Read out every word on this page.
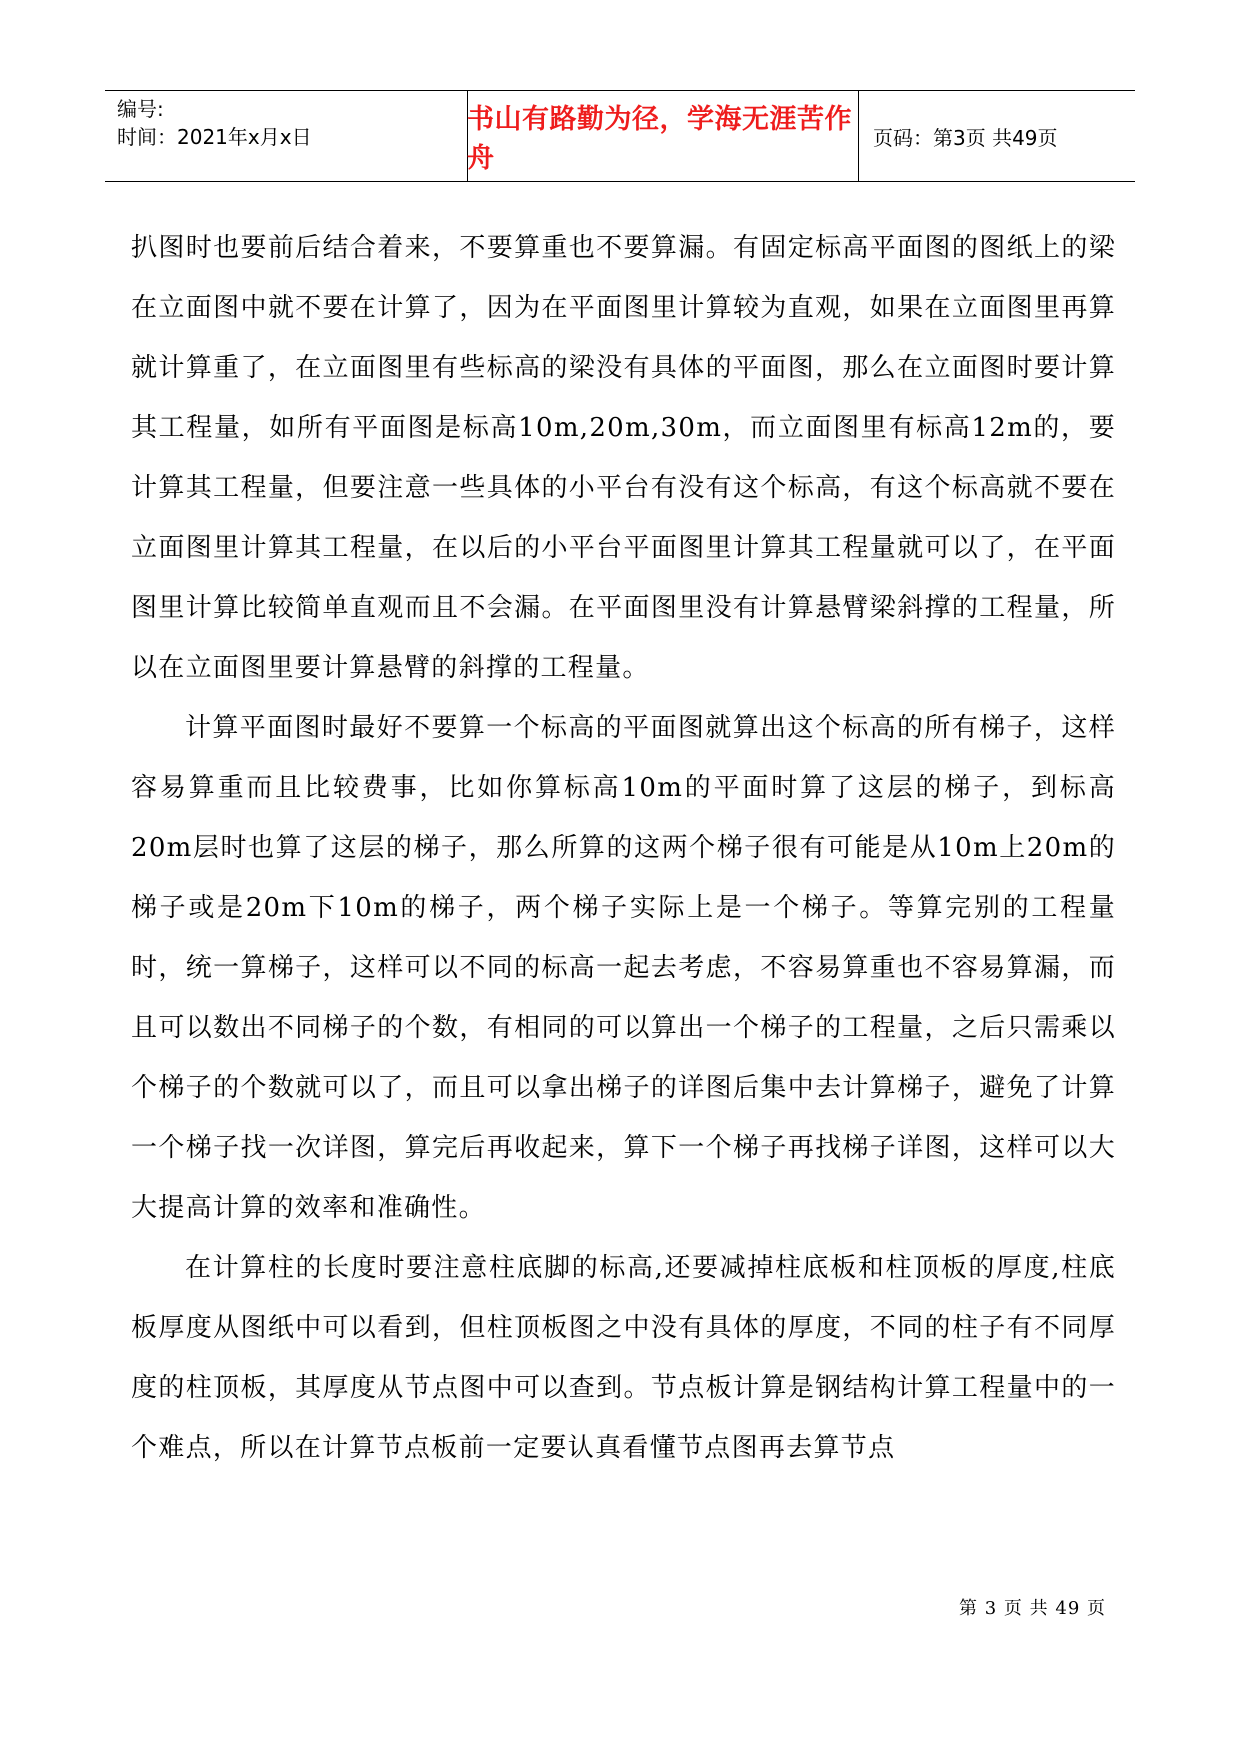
编号:
时间：2021年x月x日
书山有路勤为径，学海无涯苦作舟
页码：第3页 共49页

扒图时也要前后结合着来，不要算重也不要算漏。有固定标高平面图的图纸上的梁在立面图中就不要在计算了，因为在平面图里计算较为直观，如果在立面图里再算就计算重了，在立面图里有些标高的梁没有具体的平面图，那么在立面图时要计算其工程量，如所有平面图是标高10m,20m,30m，而立面图里有标高12m的，要计算其工程量，但要注意一些具体的小平台有没有这个标高，有这个标高就不要在立面图里计算其工程量，在以后的小平台平面图里计算其工程量就可以了，在平面图里计算比较简单直观而且不会漏。在平面图里没有计算悬臂梁斜撑的工程量，所以在立面图里要计算悬臂的斜撑的工程量。

计算平面图时最好不要算一个标高的平面图就算出这个标高的所有梯子，这样容易算重而且比较费事，比如你算标高10m的平面时算了这层的梯子，到标高20m层时也算了这层的梯子，那么所算的这两个梯子很有可能是从10m上20m的梯子或是20m下10m的梯子，两个梯子实际上是一个梯子。等算完别的工程量时，统一算梯子，这样可以不同的标高一起去考虑，不容易算重也不容易算漏，而且可以数出不同梯子的个数，有相同的可以算出一个梯子的工程量，之后只需乘以个梯子的个数就可以了，而且可以拿出梯子的详图后集中去计算梯子，避免了计算一个梯子找一次详图，算完后再收起来，算下一个梯子再找梯子详图，这样可以大大提高计算的效率和准确性。

在计算柱的长度时要注意柱底脚的标高,还要减掉柱底板和柱顶板的厚度,柱底板厚度从图纸中可以看到，但柱顶板图之中没有具体的厚度，不同的柱子有不同厚度的柱顶板，其厚度从节点图中可以查到。节点板计算是钢结构计算工程量中的一个难点，所以在计算节点板前一定要认真看懂节点图再去算节点

第 3 页 共 49 页
